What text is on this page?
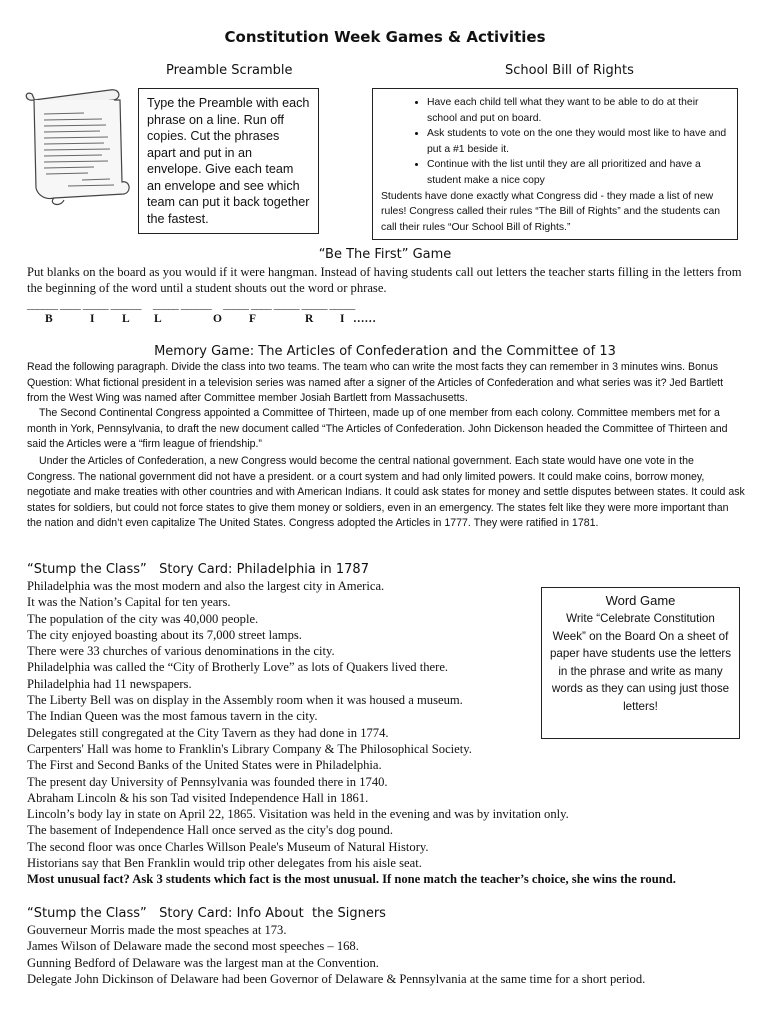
Constitution Week Games & Activities
Preamble Scramble
Type the Preamble with each phrase on a line. Run off copies. Cut the phrases apart and put in an envelope. Give each team an envelope and see which team can put it back together the fastest.
School Bill of Rights
• Have each child tell what they want to be able to do at their school and put on board.
• Ask students to vote on the one they would most like to have and put a #1 beside it.
• Continue with the list until they are all prioritized and have a student make a nice copy
Students have done exactly what Congress did - they made a list of new rules! Congress called their rules “The Bill of Rights” and the students can call their rules “Our School Bill of Rights.”
“Be The First” Game
Put blanks on the board as you would if it were hangman. Instead of having students call out letters the teacher starts filling in the letters from the beginning of the word until a student shouts out the word or phrase.
______ ____ _____ ______     _____ ______     _____ ____ _____ _____ _____
B	I L L	O F	R I ……
Memory Game: The Articles of Confederation and the Committee of 13
Read the following paragraph. Divide the class into two teams. The team who can write the most facts they can remember in 3 minutes wins. Bonus Question: What fictional president in a television series was named after a signer of the Articles of Confederation and what series was it? Jed Bartlett from the West Wing was named after Committee member Josiah Bartlett from Massachusetts.
The Second Continental Congress appointed a Committee of Thirteen, made up of one member from each colony. Committee members met for a month in York, Pennsylvania, to draft the new document called “The Articles of Confederation. John Dickenson headed the Committee of Thirteen and said the Articles were a “firm league of friendship.”
Under the Articles of Confederation, a new Congress would become the central national government. Each state would have one vote in the Congress. The national government did not have a president. or a court system and had only limited powers. It could make coins, borrow money, negotiate and make treaties with other countries and with American Indians. It could ask states for money and settle disputes between states. It could ask states for soldiers, but could not force states to give them money or soldiers, even in an emergency. The states felt like they were more important than the nation and didn’t even capitalize The United States. Congress adopted the Articles in 1777. They were ratified in 1781.
“Stump the Class”   Story Card: Philadelphia in 1787

Philadelphia was the most modern and also the largest city in America.

It was the Nation’s Capital for ten years.

The population of the city was 40,000 people.

The city enjoyed boasting about its 7,000 street lamps.

There were 33 churches of various denominations in the city.

Philadelphia was called the “City of Brotherly Love” as lots of Quakers lived there.

Philadelphia had 11 newspapers.

The Liberty Bell was on display in the Assembly room when it was housed a museum.

The Indian Queen was the most famous tavern in the city.

Delegates still congregated at the City Tavern as they had done in 1774.

Carpenters' Hall was home to Franklin's Library Company & The Philosophical Society.

The First and Second Banks of the United States were in Philadelphia.

The present day University of Pennsylvania was founded there in 1740.

Abraham Lincoln & his son Tad visited Independence Hall in 1861.

Lincoln’s body lay in state on April 22, 1865. Visitation was held in the evening and was by invitation only.

The basement of Independence Hall once served as the city's dog pound.

The second floor was once Charles Willson Peale's Museum of Natural History.

Historians say that Ben Franklin would trip other delegates from his aisle seat.

Most unusual fact? Ask 3 students which fact is the most unusual. If none match the teacher’s choice, she wins the round.

Word Game
Write “Celebrate Constitution Week” on the Board On a sheet of paper have students use the letters in the phrase and write as many words as they can using just those letters!
“Stump the Class”   Story Card: Info About  the Signers

Gouverneur Morris made the most speaches at 173.

James Wilson of Delaware made the second most speeches – 168.

Gunning Bedford of Delaware was the largest man at the Convention.

Delegate John Dickinson of Delaware had been Governor of Delaware & Pennsylvania at the same time for a short period.
